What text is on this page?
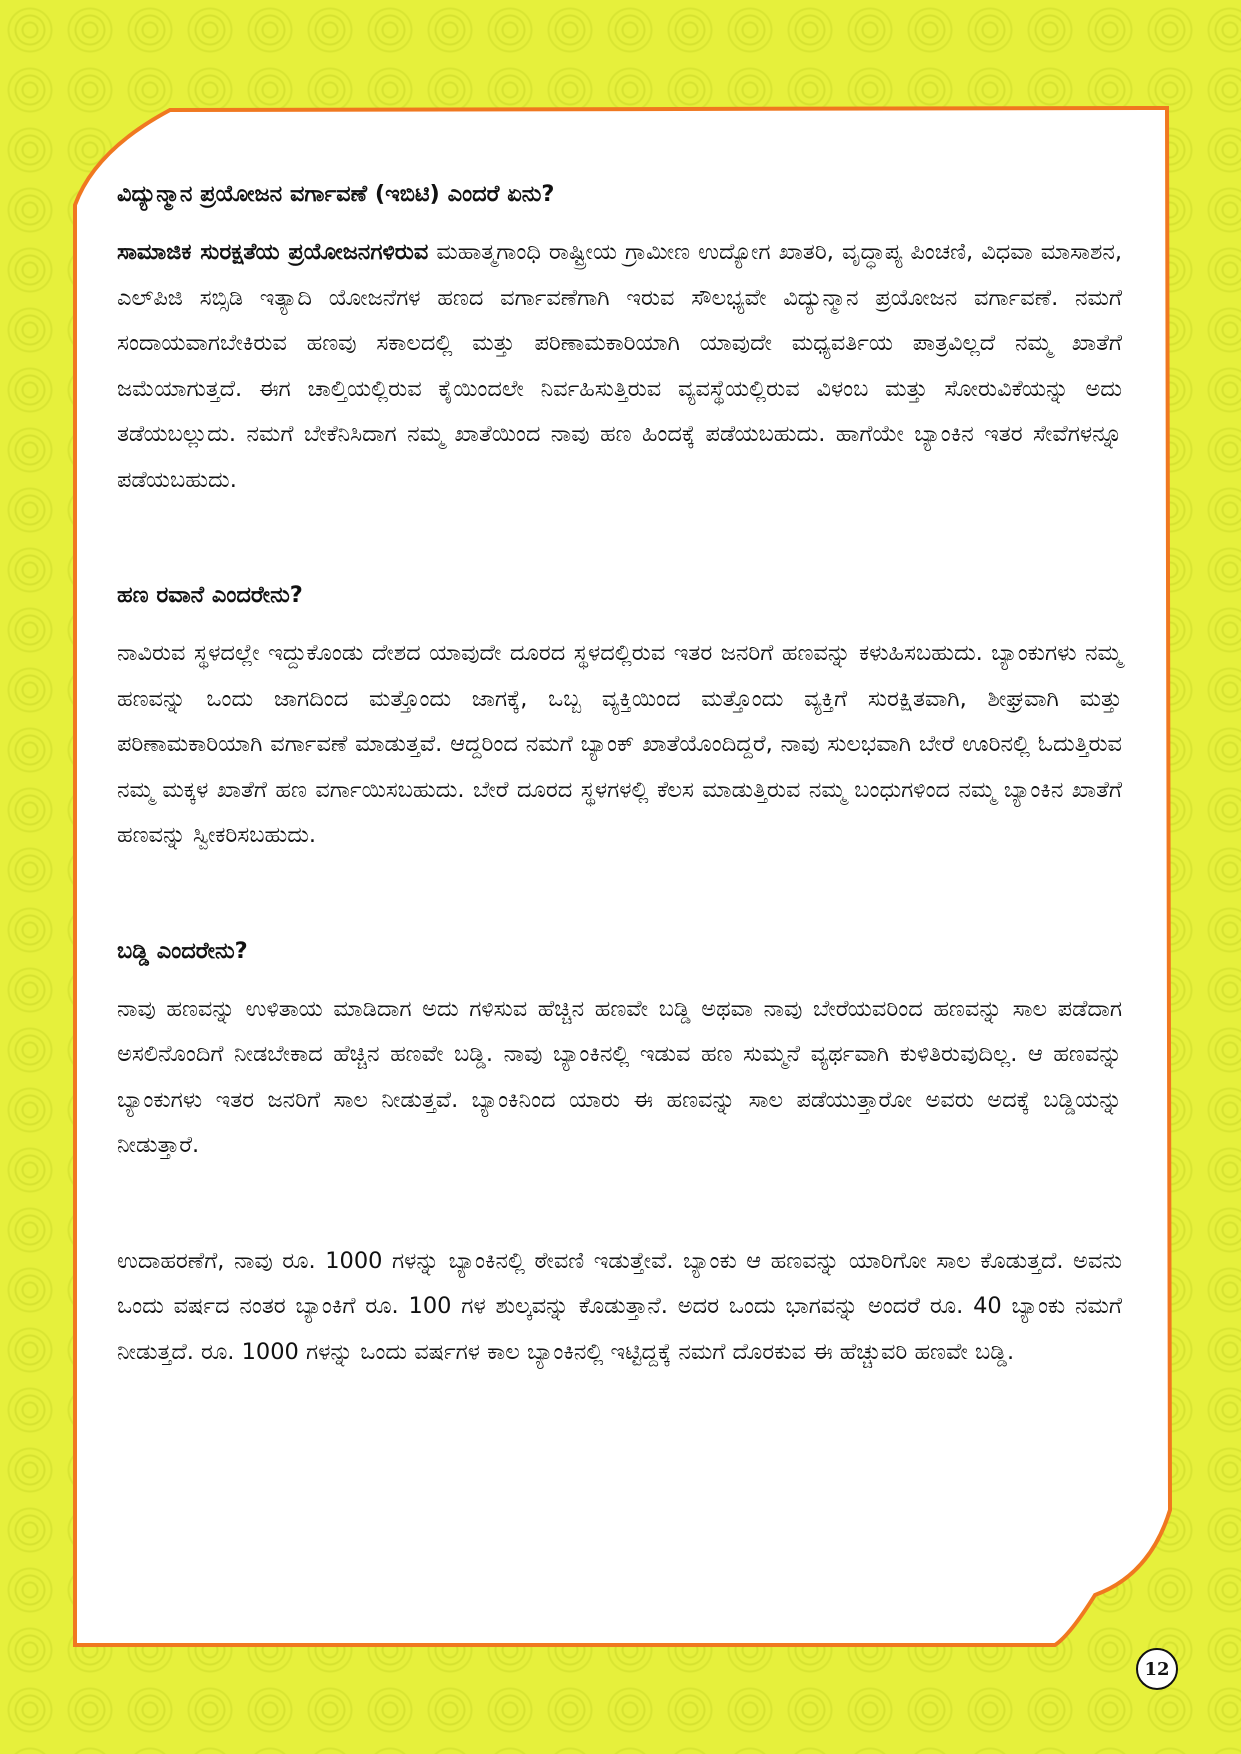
ವಿದ್ಯುನ್ಮಾನ ಪ್ರಯೋಜನ ವರ್ಗಾವಣೆ (ಇಬಿಟಿ) ಎಂದರೆ ಏನು?

ಸಾಮಾಜಿಕ ಸುರಕ್ಷತೆಯ ಪ್ರಯೋಜನಗಳಿರುವ ಮಹಾತ್ಮಗಾಂಧಿ ರಾಷ್ಟ್ರೀಯ ಗ್ರಾಮೀಣ ಉದ್ಯೋಗ ಖಾತರಿ, ವೃದ್ಧಾಪ್ಯ ಪಿಂಚಣಿ, ವಿಧವಾ ಮಾಸಾಶನ, ಎಲ್‌ಪಿಜಿ ಸಬ್ಸಿಡಿ ಇತ್ಯಾದಿ ಯೋಜನೆಗಳ ಹಣದ ವರ್ಗಾವಣೆಗಾಗಿ ಇರುವ ಸೌಲಭ್ಯವೇ ವಿದ್ಯುನ್ಮಾನ ಪ್ರಯೋಜನ ವರ್ಗಾವಣೆ. ನಮಗೆ ಸಂದಾಯವಾಗಬೇಕಿರುವ ಹಣವು ಸಕಾಲದಲ್ಲಿ ಮತ್ತು ಪರಿಣಾಮಕಾರಿಯಾಗಿ ಯಾವುದೇ ಮಧ್ಯವರ್ತಿಯ ಪಾತ್ರವಿಲ್ಲದೆ ನಮ್ಮ ಖಾತೆಗೆ ಜಮೆಯಾಗುತ್ತದೆ. ಈಗ ಚಾಲ್ತಿಯಲ್ಲಿರುವ ಕೈಯಿಂದಲೇ ನಿರ್ವಹಿಸುತ್ತಿರುವ ವ್ಯವಸ್ಥೆಯಲ್ಲಿರುವ ವಿಳಂಬ ಮತ್ತು ಸೋರುವಿಕೆಯನ್ನು ಅದು ತಡೆಯಬಲ್ಲುದು. ನಮಗೆ ಬೇಕೆನಿಸಿದಾಗ ನಮ್ಮ ಖಾತೆಯಿಂದ ನಾವು ಹಣ ಹಿಂದಕ್ಕೆ ಪಡೆಯಬಹುದು. ಹಾಗೆಯೇ ಬ್ಯಾಂಕಿನ ಇತರ ಸೇವೆಗಳನ್ನೂ ಪಡೆಯಬಹುದು.

ಹಣ ರವಾನೆ ಎಂದರೇನು?

ನಾವಿರುವ ಸ್ಥಳದಲ್ಲೇ ಇದ್ದುಕೊಂಡು ದೇಶದ ಯಾವುದೇ ದೂರದ ಸ್ಥಳದಲ್ಲಿರುವ ಇತರ ಜನರಿಗೆ ಹಣವನ್ನು ಕಳುಹಿಸಬಹುದು. ಬ್ಯಾಂಕುಗಳು ನಮ್ಮ ಹಣವನ್ನು ಒಂದು ಜಾಗದಿಂದ ಮತ್ತೊಂದು ಜಾಗಕ್ಕೆ, ಒಬ್ಬ ವ್ಯಕ್ತಿಯಿಂದ ಮತ್ತೊಂದು ವ್ಯಕ್ತಿಗೆ ಸುರಕ್ಷಿತವಾಗಿ, ಶೀಘ್ರವಾಗಿ ಮತ್ತು ಪರಿಣಾಮಕಾರಿಯಾಗಿ ವರ್ಗಾವಣೆ ಮಾಡುತ್ತವೆ. ಆದ್ದರಿಂದ ನಮಗೆ ಬ್ಯಾಂಕ್ ಖಾತೆಯೊಂದಿದ್ದರೆ, ನಾವು ಸುಲಭವಾಗಿ ಬೇರೆ ಊರಿನಲ್ಲಿ ಓದುತ್ತಿರುವ ನಮ್ಮ ಮಕ್ಕಳ ಖಾತೆಗೆ ಹಣ ವರ್ಗಾಯಿಸಬಹುದು. ಬೇರೆ ದೂರದ ಸ್ಥಳಗಳಲ್ಲಿ ಕೆಲಸ ಮಾಡುತ್ತಿರುವ ನಮ್ಮ ಬಂಧುಗಳಿಂದ ನಮ್ಮ ಬ್ಯಾಂಕಿನ ಖಾತೆಗೆ ಹಣವನ್ನು ಸ್ವೀಕರಿಸಬಹುದು.

ಬಡ್ಡಿ ಎಂದರೇನು?

ನಾವು ಹಣವನ್ನು ಉಳಿತಾಯ ಮಾಡಿದಾಗ ಅದು ಗಳಿಸುವ ಹೆಚ್ಚಿನ ಹಣವೇ ಬಡ್ಡಿ ಅಥವಾ ನಾವು ಬೇರೆಯವರಿಂದ ಹಣವನ್ನು ಸಾಲ ಪಡೆದಾಗ ಅಸಲಿನೊಂದಿಗೆ ನೀಡಬೇಕಾದ ಹೆಚ್ಚಿನ ಹಣವೇ ಬಡ್ಡಿ. ನಾವು ಬ್ಯಾಂಕಿನಲ್ಲಿ ಇಡುವ ಹಣ ಸುಮ್ಮನೆ ವ್ಯರ್ಥವಾಗಿ ಕುಳಿತಿರುವುದಿಲ್ಲ. ಆ ಹಣವನ್ನು ಬ್ಯಾಂಕುಗಳು ಇತರ ಜನರಿಗೆ ಸಾಲ ನೀಡುತ್ತವೆ. ಬ್ಯಾಂಕಿನಿಂದ ಯಾರು ಈ ಹಣವನ್ನು ಸಾಲ ಪಡೆಯುತ್ತಾರೋ ಅವರು ಅದಕ್ಕೆ ಬಡ್ಡಿಯನ್ನು ನೀಡುತ್ತಾರೆ.

ಉದಾಹರಣೆಗೆ, ನಾವು ರೂ. 1000 ಗಳನ್ನು ಬ್ಯಾಂಕಿನಲ್ಲಿ ಠೇವಣಿ ಇಡುತ್ತೇವೆ. ಬ್ಯಾಂಕು ಆ ಹಣವನ್ನು ಯಾರಿಗೋ ಸಾಲ ಕೊಡುತ್ತದೆ. ಅವನು ಒಂದು ವರ್ಷದ ನಂತರ ಬ್ಯಾಂಕಿಗೆ ರೂ. 100 ಗಳ ಶುಲ್ಕವನ್ನು ಕೊಡುತ್ತಾನೆ. ಅದರ ಒಂದು ಭಾಗವನ್ನು ಅಂದರೆ ರೂ. 40 ಬ್ಯಾಂಕು ನಮಗೆ ನೀಡುತ್ತದೆ. ರೂ. 1000 ಗಳನ್ನು ಒಂದು ವರ್ಷಗಳ ಕಾಲ ಬ್ಯಾಂಕಿನಲ್ಲಿ ಇಟ್ಟಿದ್ದಕ್ಕೆ ನಮಗೆ ದೊರಕುವ ಈ ಹೆಚ್ಚುವರಿ ಹಣವೇ ಬಡ್ಡಿ.

12
